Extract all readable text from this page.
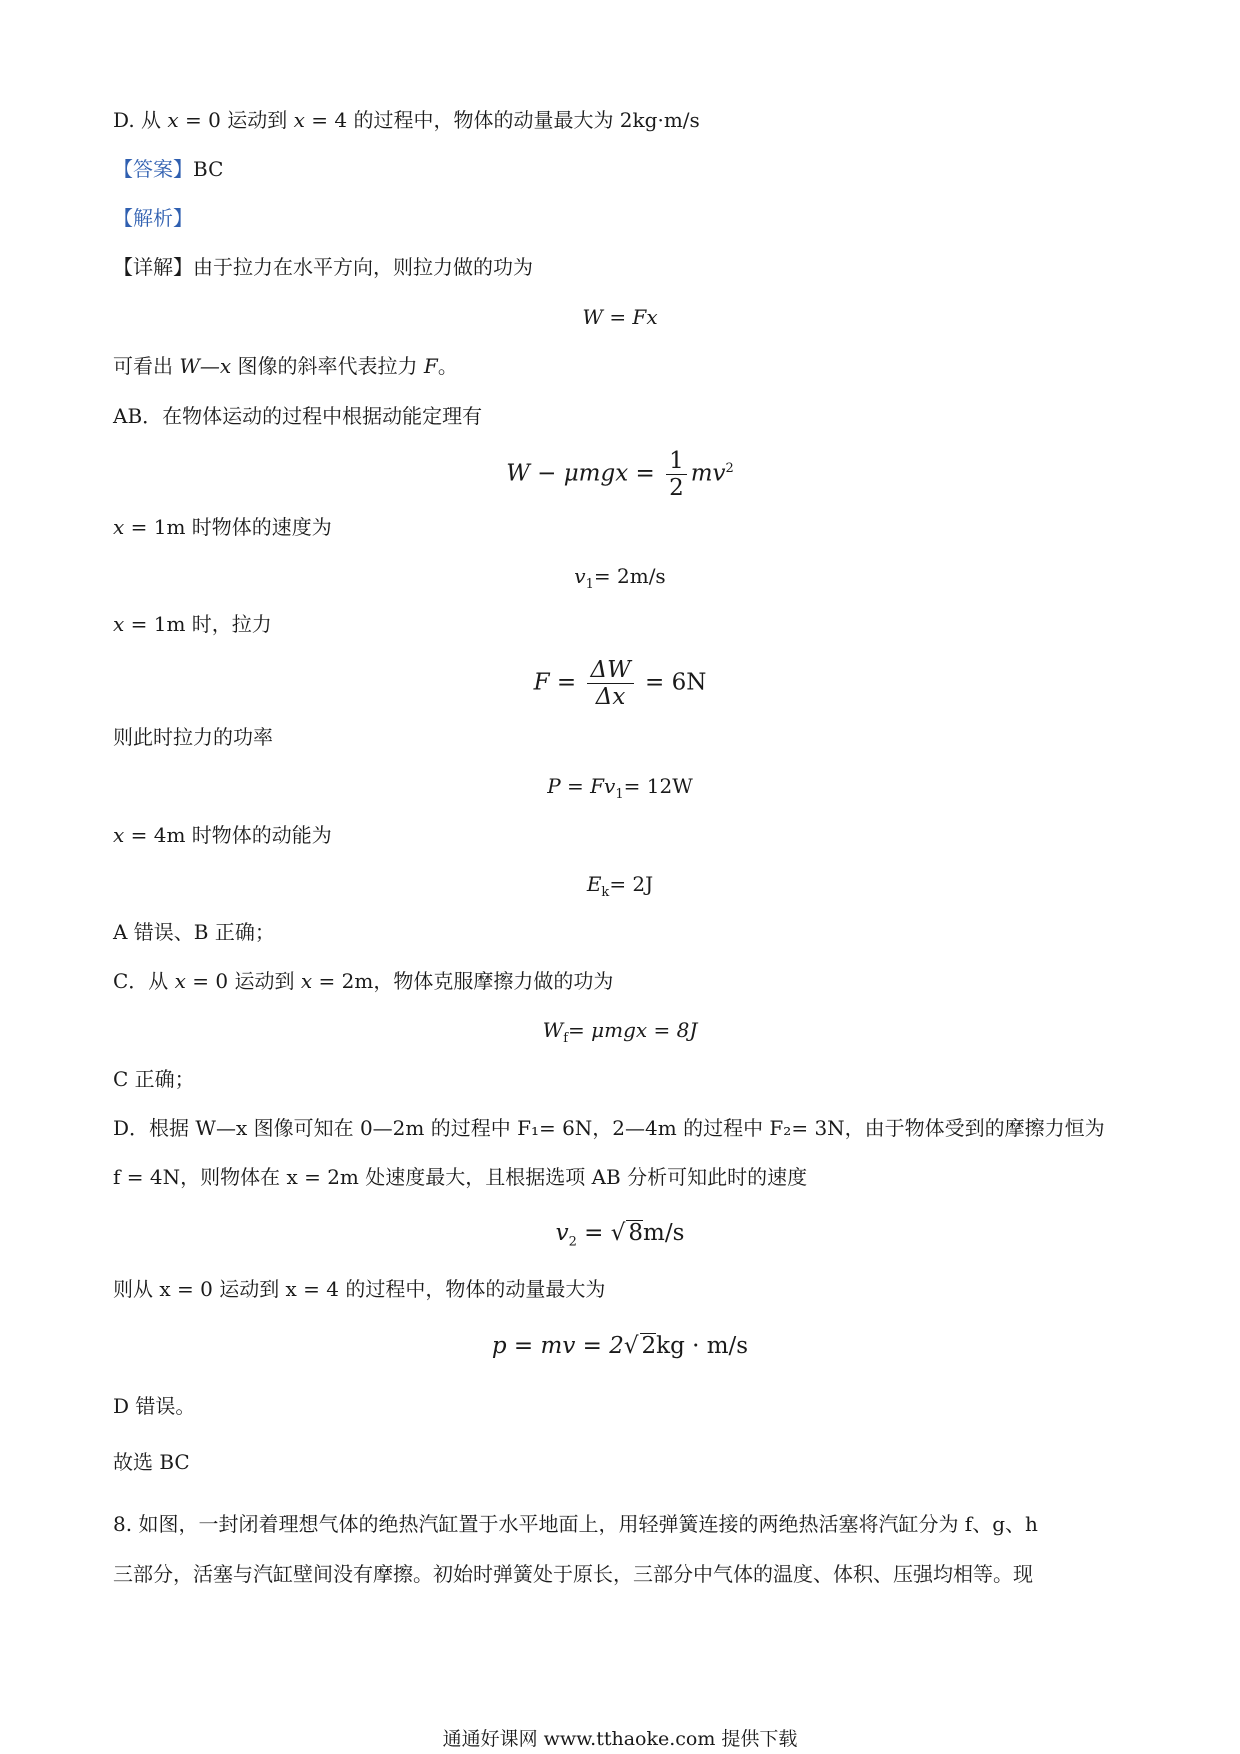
D. 从 x = 0 运动到 x = 4 的过程中，物体的动量最大为 2kg·m/s
【答案】BC
【解析】
【详解】由于拉力在水平方向，则拉力做的功为
W = Fx
可看出 W—x 图像的斜率代表拉力 F。
AB．在物体运动的过程中根据动能定理有
$W - \mu mgx = \frac{1}{2} mv^2$
x = 1m 时物体的速度为
$v_1= 2m/s$
x = 1m 时，拉力
$F = \frac{\Delta W}{\Delta x} = 6N$
则此时拉力的功率
$P = Fv_1= 12W$
x = 4m 时物体的动能为
$E_k= 2J$
A 错误、B 正确；
C．从 x = 0 运动到 x = 2m，物体克服摩擦力做的功为
$W_f= \mu mgx = 8J$
C 正确；
D．根据 W—x 图像可知在 0—2m 的过程中 F₁= 6N，2—4m 的过程中 F₂= 3N，由于物体受到的摩擦力恒为
f = 4N，则物体在 x = 2m 处速度最大，且根据选项 AB 分析可知此时的速度
$v_2$ = √ 8m/s
则从 x = 0 运动到 x = 4 的过程中，物体的动量最大为
p = mv = 2√ 2kg · m/s
D 错误。
故选 BC
8. 如图，一封闭着理想气体的绝热汽缸置于水平地面上，用轻弹簧连接的两绝热活塞将汽缸分为 f、g、h
三部分，活塞与汽缸壁间没有摩擦。初始时弹簧处于原长，三部分中气体的温度、体积、压强均相等。现
通通好课网 www.tthaoke.com 提供下载
